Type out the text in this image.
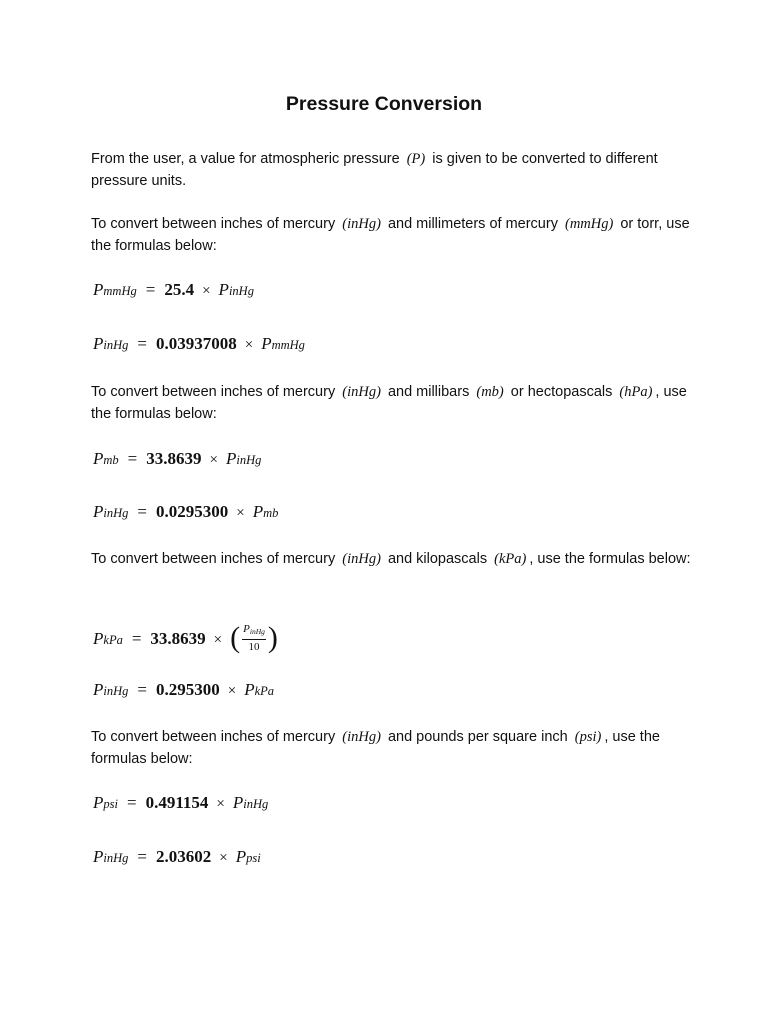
Pressure Conversion

From the user, a value for atmospheric pressure (P) is given to be converted to different pressure units.

To convert between inches of mercury (inHg) and millimeters of mercury (mmHg) or torr, use the formulas below:

P mmHg = 25.4 × P inHg
P inHg = 0.03937008 × P mmHg

To convert between inches of mercury (inHg) and millibars (mb) or hectopascals (hPa) , use the formulas below:

P mb = 33.8639 × P inHg
P inHg = 0.0295300 × P mb

To convert between inches of mercury (inHg) and kilopascals (kPa) , use the formulas below:

P kPa = 33.8639 × ( $\frac{P_{inHg}}{10}$ )
P inHg = 0.295300 × P kPa

To convert between inches of mercury (inHg) and pounds per square inch (psi) , use the formulas below:

P psi = 0.491154 × P inHg
P inHg = 2.03602 × P psi
